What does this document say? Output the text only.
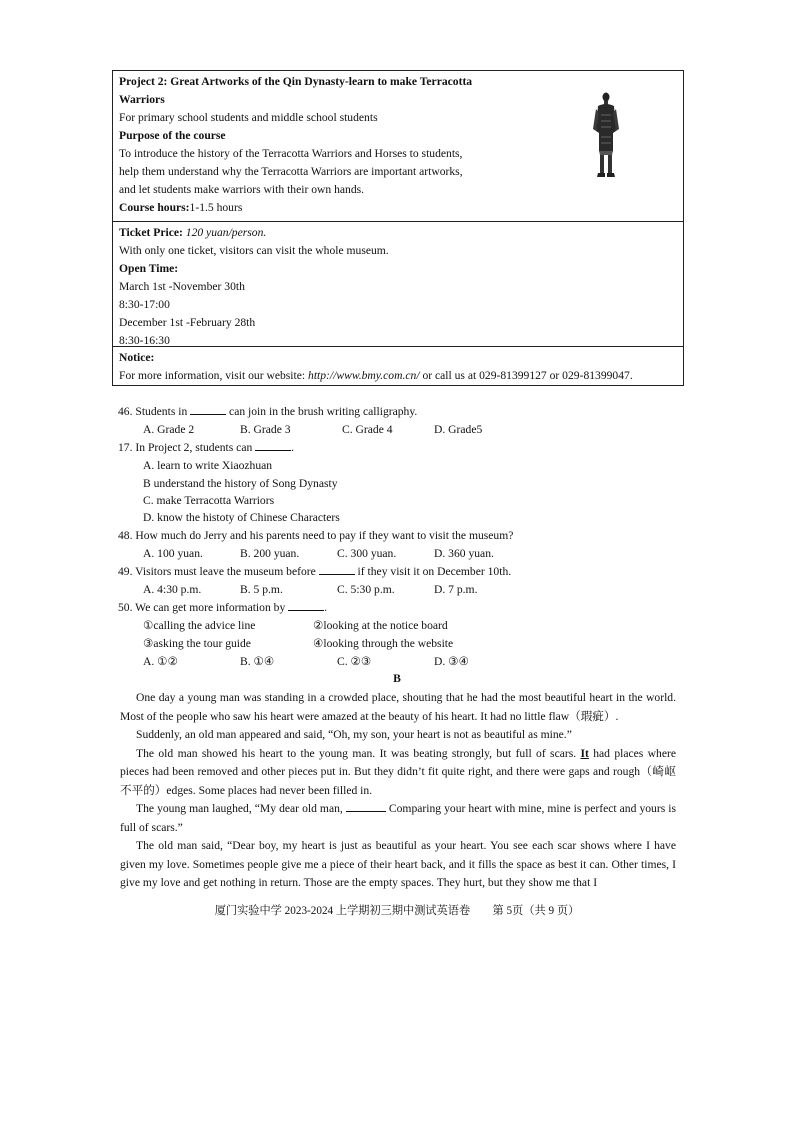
Project 2: Great Artworks of the Qin Dynasty-learn to make Terracotta
Warriors
For primary school students and middle school students
Purpose of the course
To introduce the history of the Terracotta Warriors and Horses to students,
help them understand why the Terracotta Warriors are important artworks,
and let students make warriors with their own hands.
Course hours:1-1.5 hours
Ticket Price: 120 yuan/person.
With only one ticket, visitors can visit the whole museum.
Open Time:
March 1st -November 30th
8:30-17:00
December 1st -February 28th
8:30-16:30
Notice:
For more information, visit our website: http://www.bmy.com.cn/ or call us at 029-81399127 or 029-81399047.
46. Students in	can join in the brush writing calligraphy.
A. Grade 2	B. Grade 3	C. Grade 4	D. Grade5
17. In Project 2, students can	.
A. learn to write Xiaozhuan
B understand the history of Song Dynasty
C. make Terracotta Warriors
D. know the histoty of Chinese Characters
48. How much do Jerry and his parents need to pay if they want to visit the museum?
A. 100 yuan.	B. 200 yuan.	C. 300 yuan.	D. 360 yuan.
49. Visitors must leave the museum before	if they visit it on December 10th.
A. 4:30 p.m.	B. 5 p.m.	C. 5:30 p.m.	D. 7 p.m.
50. We can get more information by	.
①calling the advice line	②looking at the notice board
③asking the tour guide	④looking through the website
A. ①②	B. ①④	C. ②③	D. ③④
B

One day a young man was standing in a crowded place, shouting that he had the most beautiful heart in the world. Most of the people who saw his heart were amazed at the beauty of his heart. It had no little flaw（瑕疵）.

Suddenly, an old man appeared and said, “Oh, my son, your heart is not as beautiful as mine.”

The old man showed his heart to the young man. It was beating strongly, but full of scars. It had places where pieces had been removed and other pieces put in. But they didn’t fit quite right, and there were gaps and rough（崎岖不平的）edges. Some places had never been filled in.

The young man laughed, “My dear old man,	Comparing your heart with mine, mine is perfect and yours is full of scars.”

The old man said, “Dear boy, my heart is just as beautiful as your heart. You see each scar shows where I have given my love. Sometimes people give me a piece of their heart back, and it fills the space as best it can. Other times, I give my love and get nothing in return. Those are the empty spaces. They hurt, but they show me that I

厦门实验中学 2023-2024 上学期初三期中测试英语卷　　第 5页（共 9 页）
